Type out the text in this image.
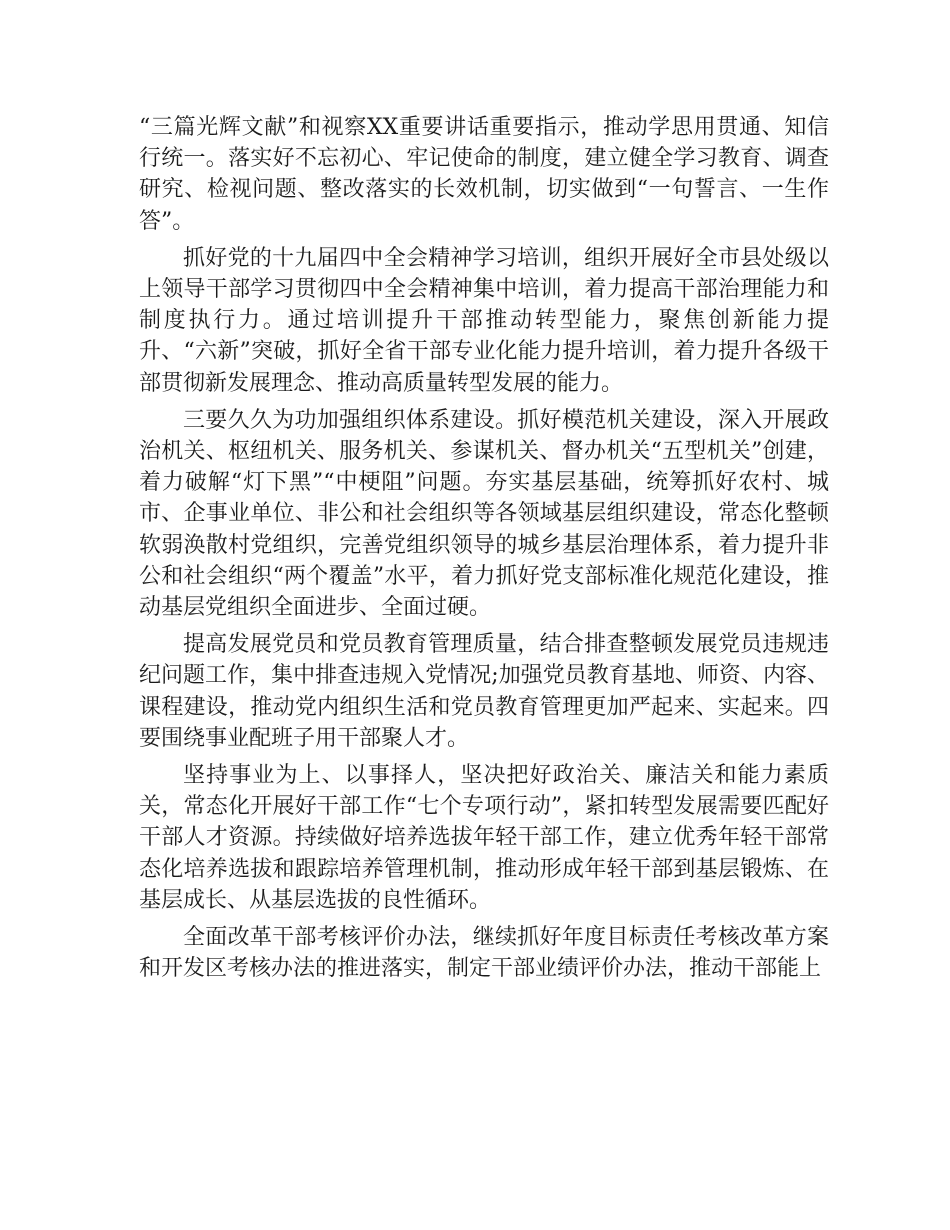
“三篇光辉文献”和视察XX重要讲话重要指示，推动学思用贯通、知信行统一。落实好不忘初心、牢记使命的制度，建立健全学习教育、调查研究、检视问题、整改落实的长效机制，切实做到“一句誓言、一生作答”。

抓好党的十九届四中全会精神学习培训，组织开展好全市县处级以上领导干部学习贯彻四中全会精神集中培训，着力提高干部治理能力和制度执行力。通过培训提升干部推动转型能力，聚焦创新能力提升、“六新”突破，抓好全省干部专业化能力提升培训，着力提升各级干部贯彻新发展理念、推动高质量转型发展的能力。

三要久久为功加强组织体系建设。抓好模范机关建设，深入开展政治机关、枢纽机关、服务机关、参谋机关、督办机关“五型机关”创建，着力破解“灯下黑”“中梗阻”问题。夯实基层基础，统筹抓好农村、城市、企事业单位、非公和社会组织等各领域基层组织建设，常态化整顿软弱涣散村党组织，完善党组织领导的城乡基层治理体系，着力提升非公和社会组织“两个覆盖”水平，着力抓好党支部标准化规范化建设，推动基层党组织全面进步、全面过硬。

提高发展党员和党员教育管理质量，结合排查整顿发展党员违规违纪问题工作，集中排查违规入党情况;加强党员教育基地、师资、内容、课程建设，推动党内组织生活和党员教育管理更加严起来、实起来。四要围绕事业配班子用干部聚人才。

坚持事业为上、以事择人，坚决把好政治关、廉洁关和能力素质关，常态化开展好干部工作“七个专项行动”，紧扣转型发展需要匹配好干部人才资源。持续做好培养选拔年轻干部工作，建立优秀年轻干部常态化培养选拔和跟踪培养管理机制，推动形成年轻干部到基层锻炼、在基层成长、从基层选拔的良性循环。

全面改革干部考核评价办法，继续抓好年度目标责任考核改革方案和开发区考核办法的推进落实，制定干部业绩评价办法，推动干部能上
